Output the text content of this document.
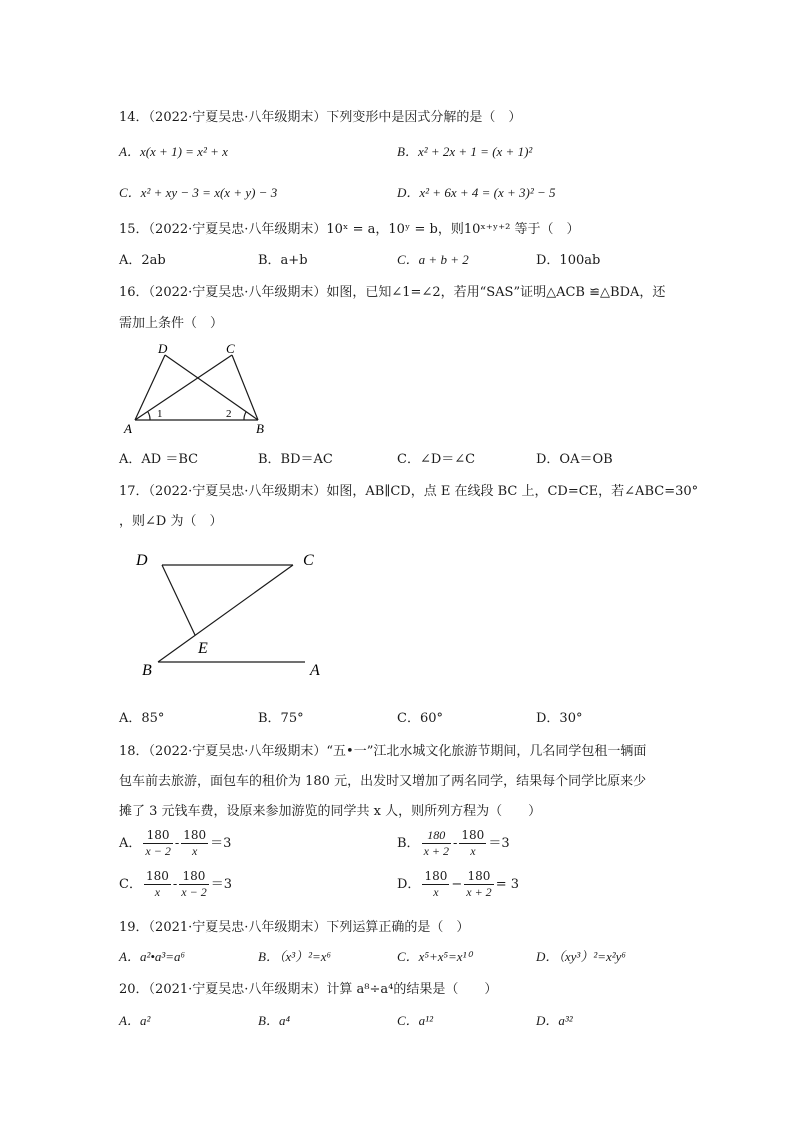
14．（2022·宁夏吴忠·八年级期末）下列变形中是因式分解的是（　）
A．x(x + 1) = x² + x	B．x² + 2x + 1 = (x + 1)²
C．x² + xy − 3 = x(x + y) − 3	D．x² + 6x + 4 = (x + 3)² − 5
15．（2022·宁夏吴忠·八年级期末）10ˣ = a，10ʸ = b，则10ˣ⁺ʸ⁺² 等于（　）
A．2ab	B．a+b	C．a + b + 2	D．100ab
16．（2022·宁夏吴忠·八年级期末）如图，已知∠1=∠2，若用“SAS”证明△ACB ≌△BDA，还
需加上条件（　）
D	C
A	B
1	2
A．AD ＝BC	B．BD＝AC	C．∠D＝∠C	D．OA＝OB
17．（2022·宁夏吴忠·八年级期末）如图，AB∥CD，点 E 在线段 BC 上，CD=CE，若∠ABC=30°
，则∠D 为（　）
D	C
E
B	A
A．85°	B．75°	C．60°	D．30°
18．（2022·宁夏吴忠·八年级期末）“五•一”江北水城文化旅游节期间，几名同学包租一辆面
包车前去旅游，面包车的租价为 180 元，出发时又增加了两名同学，结果每个同学比原来少
摊了 3 元钱车费，设原来参加游览的同学共 x 人，则所列方程为（　　）
A． $\frac{180}{x - 2} - \frac{180}{x} =3$	B． $\frac{180}{x + 2} - \frac{180}{x} =3$
C． $\frac{180}{x} - \frac{180}{x - 2} =3$	D． $\frac{180}{x} - \frac{180}{x + 2} = 3$
19．（2021·宁夏吴忠·八年级期末）下列运算正确的是（　）
A．a²•a³=a⁶	B．（x³）²=x⁶	C．x⁵+x⁵=x¹⁰	D．（xy³）²=x²y⁶
20．（2021·宁夏吴忠·八年级期末）计算 a⁸÷a⁴的结果是（　　）
A．a²	B．a⁴	C．a¹²	D．a³²
